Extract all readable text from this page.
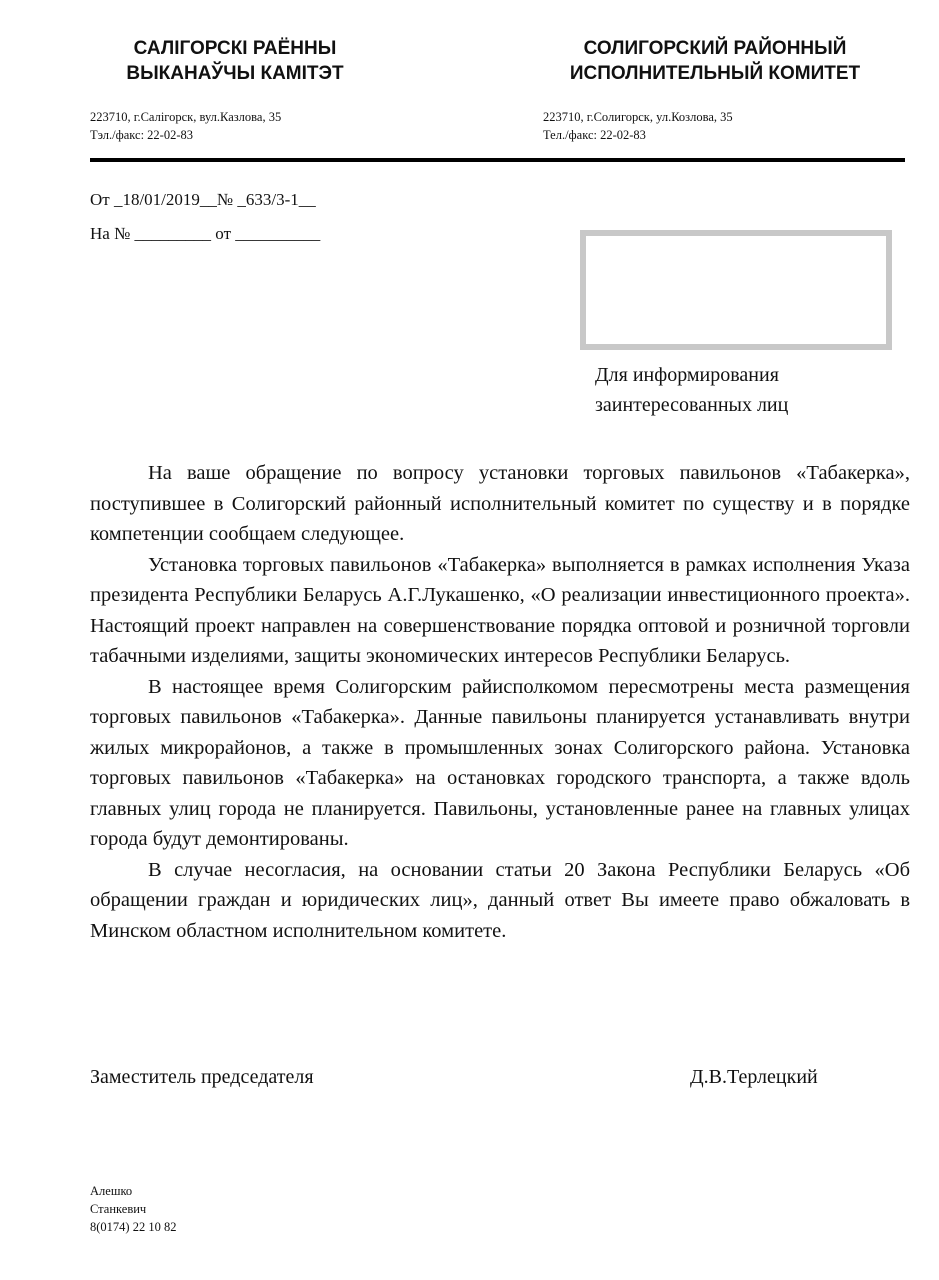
САЛІГОРСКІ РАЁННЫ
ВЫКАНАЎЧЫ КАМІТЭТ
СОЛИГОРСКИЙ РАЙОННЫЙ
ИСПОЛНИТЕЛЬНЫЙ КОМИТЕТ
223710, г.Салігорск, вул.Казлова, 35
Тэл./факс: 22-02-83
223710, г.Солигорск, ул.Козлова, 35
Тел./факс: 22-02-83
От _18/01/2019__№ _633/3-1__
На № _________ от __________
Для информирования
заинтересованных лиц

На ваше обращение по вопросу установки торговых павильонов «Табакерка», поступившее в Солигорский районный исполнительный комитет по существу и в порядке компетенции сообщаем следующее.

Установка торговых павильонов «Табакерка» выполняется в рамках исполнения Указа президента Республики Беларусь А.Г.Лукашенко, «О реализации инвестиционного проекта». Настоящий проект направлен на совершенствование порядка оптовой и розничной торговли табачными изделиями, защиты экономических интересов Республики Беларусь.

В настоящее время Солигорским райисполкомом пересмотрены места размещения торговых павильонов «Табакерка». Данные павильоны планируется устанавливать внутри жилых микрорайонов, а также в промышленных зонах Солигорского района. Установка торговых павильонов «Табакерка» на остановках городского транспорта, а также вдоль главных улиц города не планируется. Павильоны, установленные ранее на главных улицах города будут демонтированы.

В случае несогласия, на основании статьи 20 Закона Республики Беларусь «Об обращении граждан и юридических лиц», данный ответ Вы имеете право обжаловать в Минском областном исполнительном комитете.

Заместитель председателя	Д.В.Терлецкий
Алешко
Станкевич
8(0174) 22 10 82
